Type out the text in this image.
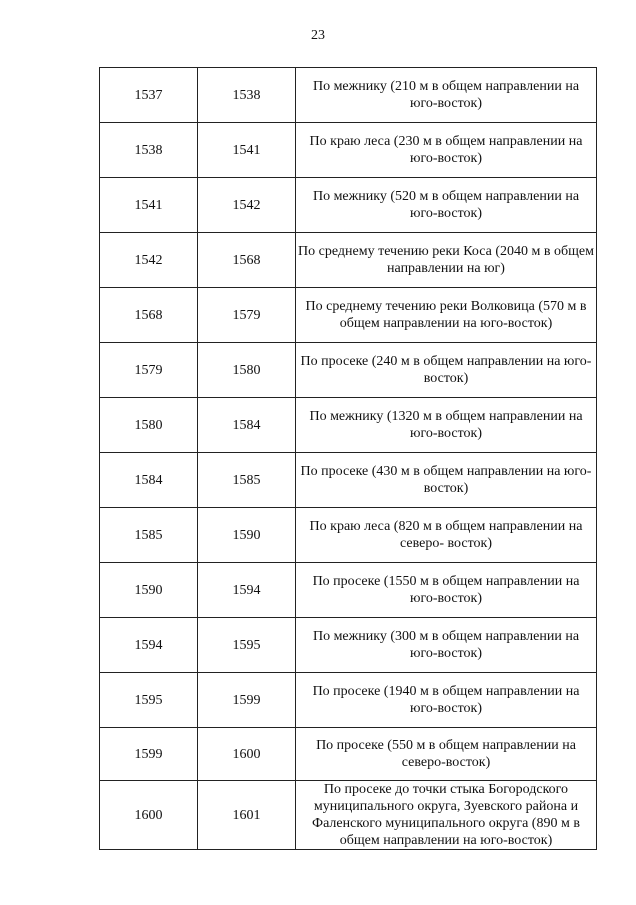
23
1537	1538	По межнику (210 м в общем направлении на юго-восток)
1538	1541	По краю леса (230 м в общем направлении на юго-восток)
1541	1542	По межнику (520 м в общем направлении на юго-восток)
1542	1568	По среднему течению реки Коса (2040 м в общем направлении на юг)
1568	1579	По среднему течению реки Волковица (570 м в общем направлении на юго-восток)
1579	1580	По просеке (240 м в общем направлении на юго-восток)
1580	1584	По межнику (1320 м в общем направлении на юго-восток)
1584	1585	По просеке (430 м в общем направлении на юго-восток)
1585	1590	По краю леса (820 м в общем направлении на северо- восток)
1590	1594	По просеке (1550 м в общем направлении на юго-восток)
1594	1595	По межнику (300 м в общем направлении на юго-восток)
1595	1599	По просеке (1940 м в общем направлении на юго-восток)
1599	1600	По просеке (550 м в общем направлении на северо-восток)
1600	1601	По просеке до точки стыка Богородского муниципального округа, Зуевского района и Фаленского муниципального округа (890 м в общем направлении на юго-восток)
